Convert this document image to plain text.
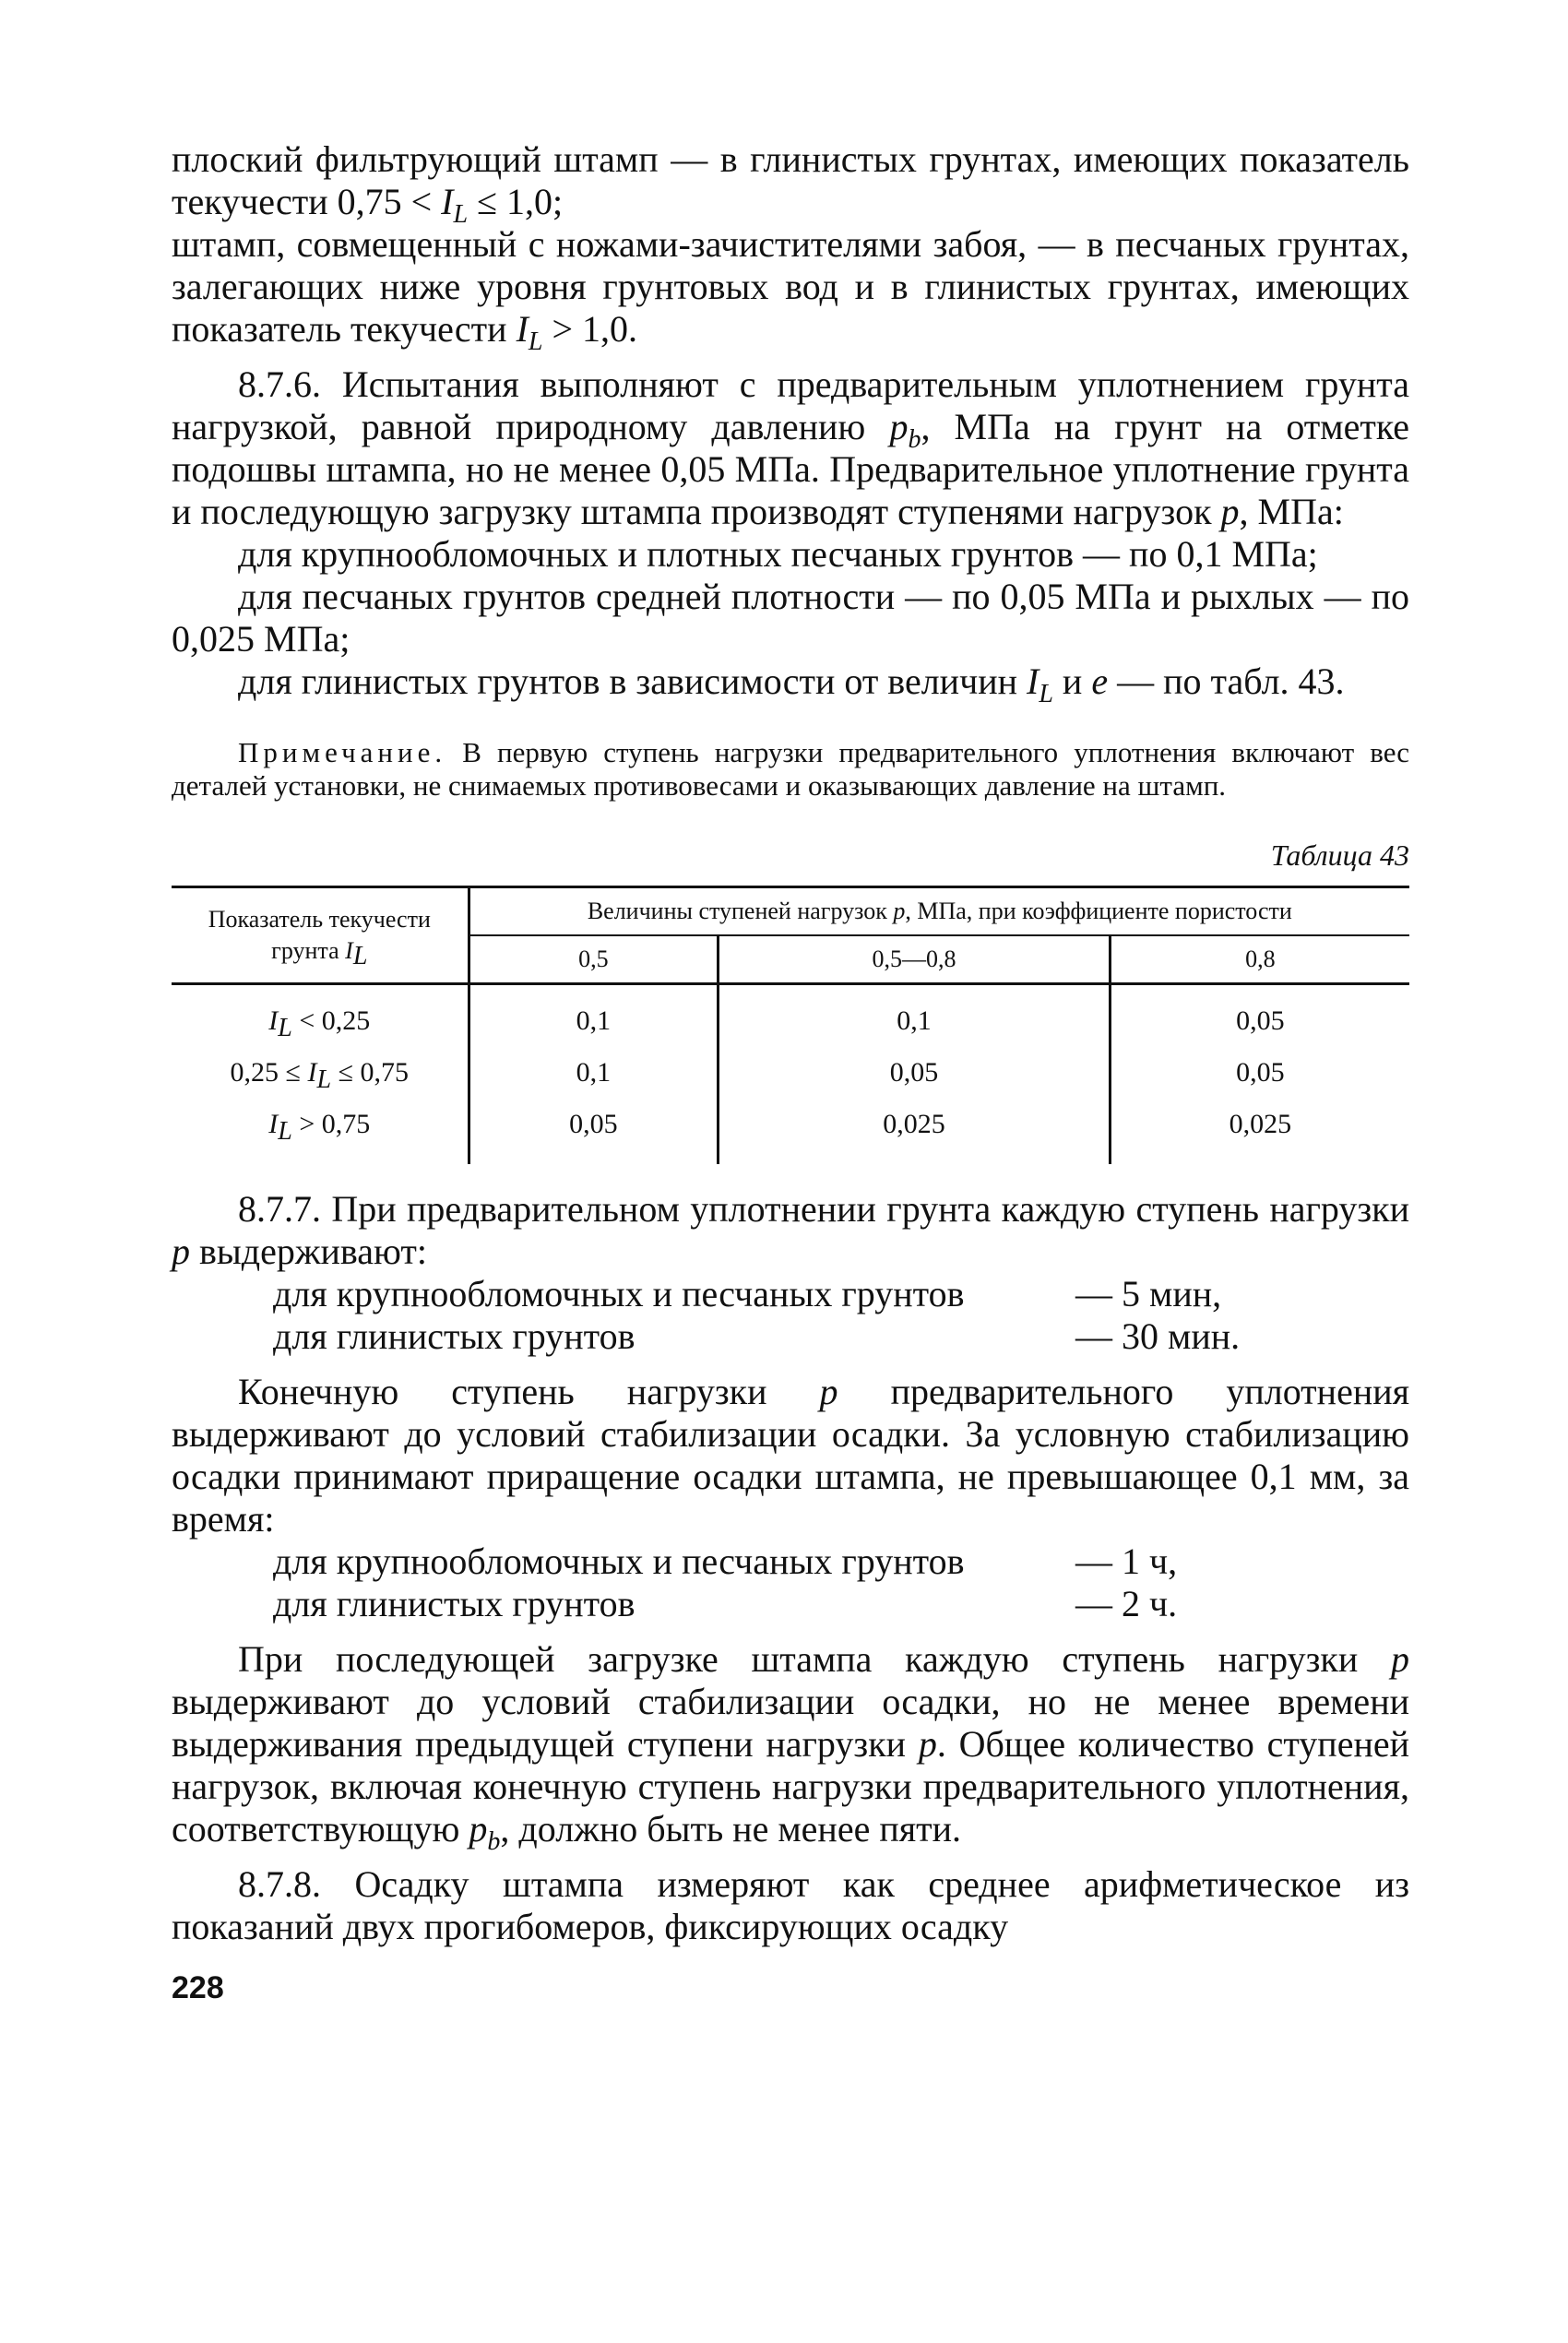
плоский фильтрующий штамп — в глинистых грунтах, имеющих показатель текучести $0,75 < I_L \le 1,0$;

штамп, совмещенный с ножами-зачистителями забоя, — в песчаных грунтах, залегающих ниже уровня грунтовых вод и в глинистых грунтах, имеющих показатель текучести $I_L > 1,0$.

8.7.6. Испытания выполняют с предварительным уплотнением грунта нагрузкой, равной природному давлению $p_b$, МПа на грунт на отметке подошвы штампа, но не менее 0,05 МПа. Предварительное уплотнение грунта и последующую загрузку штампа производят ступенями нагрузок p, МПа:

для крупнообломочных и плотных песчаных грунтов — по 0,1 МПа;

для песчаных грунтов средней плотности — по 0,05 МПа и рыхлых — по 0,025 МПа;

для глинистых грунтов в зависимости от величин $I_L$ и e — по табл. 43.

Примечание. В первую ступень нагрузки предварительного уплотнения включают вес деталей установки, не снимаемых противовесами и оказывающих давление на штамп.

Таблица 43
Показатель текучести грунта $I_L$	Величины ступеней нагрузок p, МПа, при коэффициенте пористости		
	0,5	0,5—0,8	0,8
$I_L < 0,25$	0,1	0,1	0,05
$0,25 \le I_L \le 0,75$	0,1	0,05	0,05
$I_L > 0,75$	0,05	0,025	0,025

8.7.7. При предварительном уплотнении грунта каждую ступень нагрузки p выдерживают:

для крупнообломочных и песчаных грунтов	— 5 мин,
для глинистых грунтов	— 30 мин.

Конечную ступень нагрузки p предварительного уплотнения выдерживают до условий стабилизации осадки. За условную стабилизацию осадки принимают приращение осадки штампа, не превышающее 0,1 мм, за время:

для крупнообломочных и песчаных грунтов	— 1 ч,
для глинистых грунтов	— 2 ч.

При последующей загрузке штампа каждую ступень нагрузки p выдерживают до условий стабилизации осадки, но не менее времени выдерживания предыдущей ступени нагрузки p. Общее количество ступеней нагрузок, включая конечную ступень нагрузки предварительного уплотнения, соответствующую $p_b$, должно быть не менее пяти.

8.7.8. Осадку штампа измеряют как среднее арифметическое из показаний двух прогибомеров, фиксирующих осадку

228
